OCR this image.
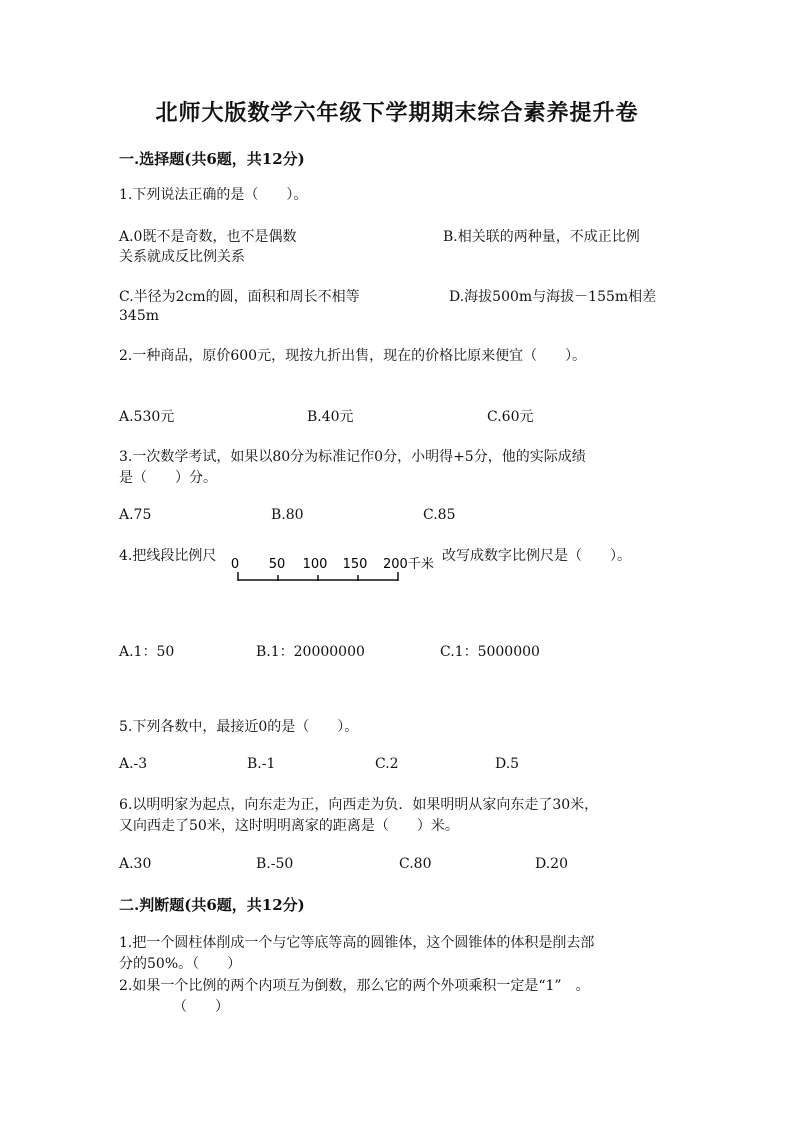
北师大版数学六年级下学期期末综合素养提升卷
一.选择题(共6题，共12分)
1.下列说法正确的是（　　）。
A.0既不是奇数，也不是偶数	B.相关联的两种量，不成正比例
关系就成反比例关系
C.半径为2cm的圆，面积和周长不相等	D.海拔500m与海拔－155m相差
345m
2.一种商品，原价600元，现按九折出售，现在的价格比原来便宜（　　）。
A.530元	B.40元	C.60元
3.一次数学考试，如果以80分为标准记作0分，小明得+5分，他的实际成绩
是（　　）分。
A.75	B.80	C.85
4.把线段比例尺
0 50 100 150 200千米
改写成数字比例尺是（　　）。
A.1：50	B.1：20000000	C.1：5000000
5.下列各数中，最接近0的是（　　）。
A.-3	B.-1	C.2	D.5
6.以明明家为起点，向东走为正，向西走为负．如果明明从家向东走了30米，
又向西走了50米，这时明明离家的距离是（　　）米。
A.30	B.-50	C.80	D.20
二.判断题(共6题，共12分)
1.把一个圆柱体削成一个与它等底等高的圆锥体，这个圆锥体的体积是削去部
分的50%。（　　）
2.如果一个比例的两个内项互为倒数，那么它的两个外项乘积一定是“1”　。
（　　）
